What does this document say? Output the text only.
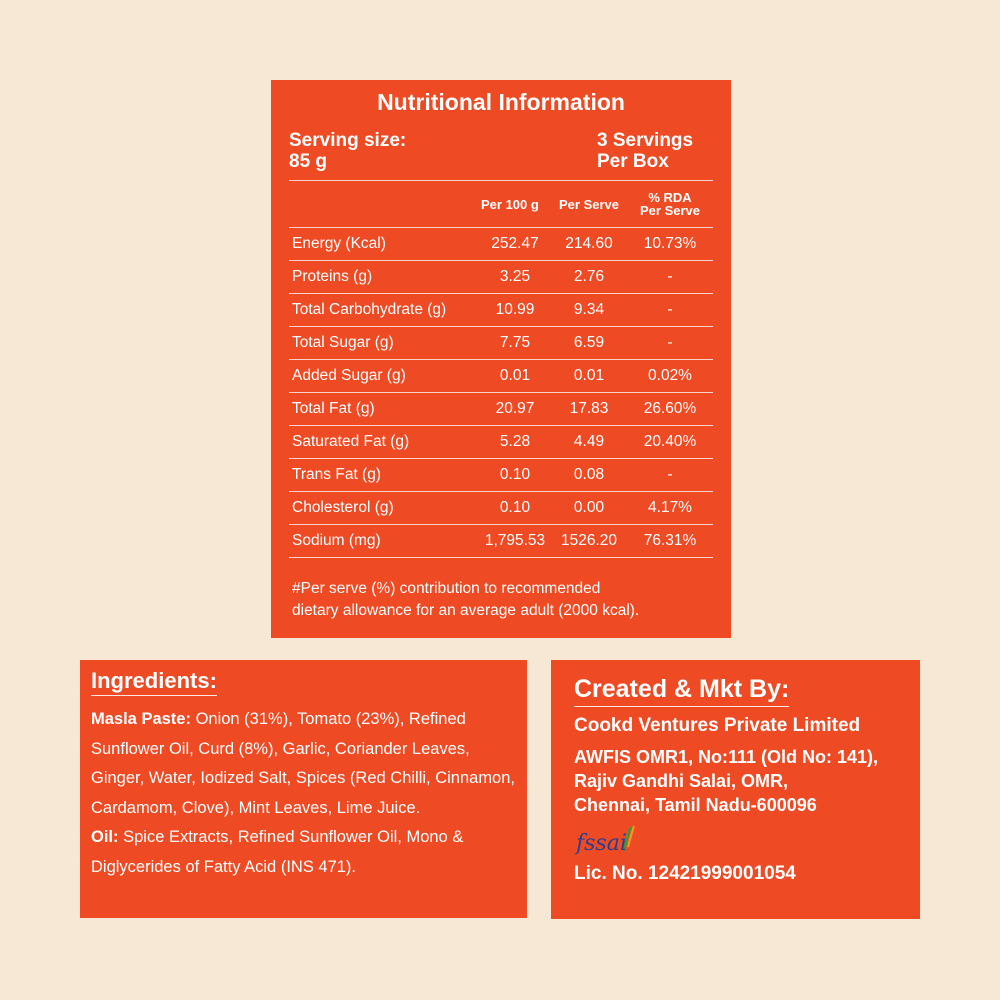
Nutritional Information
Serving size:
85 g
3 Servings
Per Box
Per 100 g	Per Serve	% RDA
Per Serve
Energy (Kcal)	252.47	214.60	10.73%
Proteins (g)	3.25	2.76	-
Total Carbohydrate (g)	10.99	9.34	-
Total Sugar (g)	7.75	6.59	-
Added Sugar (g)	0.01	0.01	0.02%
Total Fat (g)	20.97	17.83	26.60%
Saturated Fat (g)	5.28	4.49	20.40%
Trans Fat (g)	0.10	0.08	-
Cholesterol (g)	0.10	0.00	4.17%
Sodium (mg)	1,795.53	1526.20	76.31%
#Per serve (%) contribution to recommended
dietary allowance for an average adult (2000 kcal).
Ingredients:
Masla Paste: Onion (31%), Tomato (23%), Refined Sunflower Oil, Curd (8%), Garlic, Coriander Leaves, Ginger, Water, Iodized Salt, Spices (Red Chilli, Cinnamon, Cardamom, Clove), Mint Leaves, Lime Juice.
Oil: Spice Extracts, Refined Sunflower Oil, Mono & Diglycerides of Fatty Acid (INS 471).
Created & Mkt By:
Cookd Ventures Private Limited
AWFIS OMR1, No:111 (Old No: 141),
Rajiv Gandhi Salai, OMR,
Chennai, Tamil Nadu-600096
fssai
Lic. No. 12421999001054
